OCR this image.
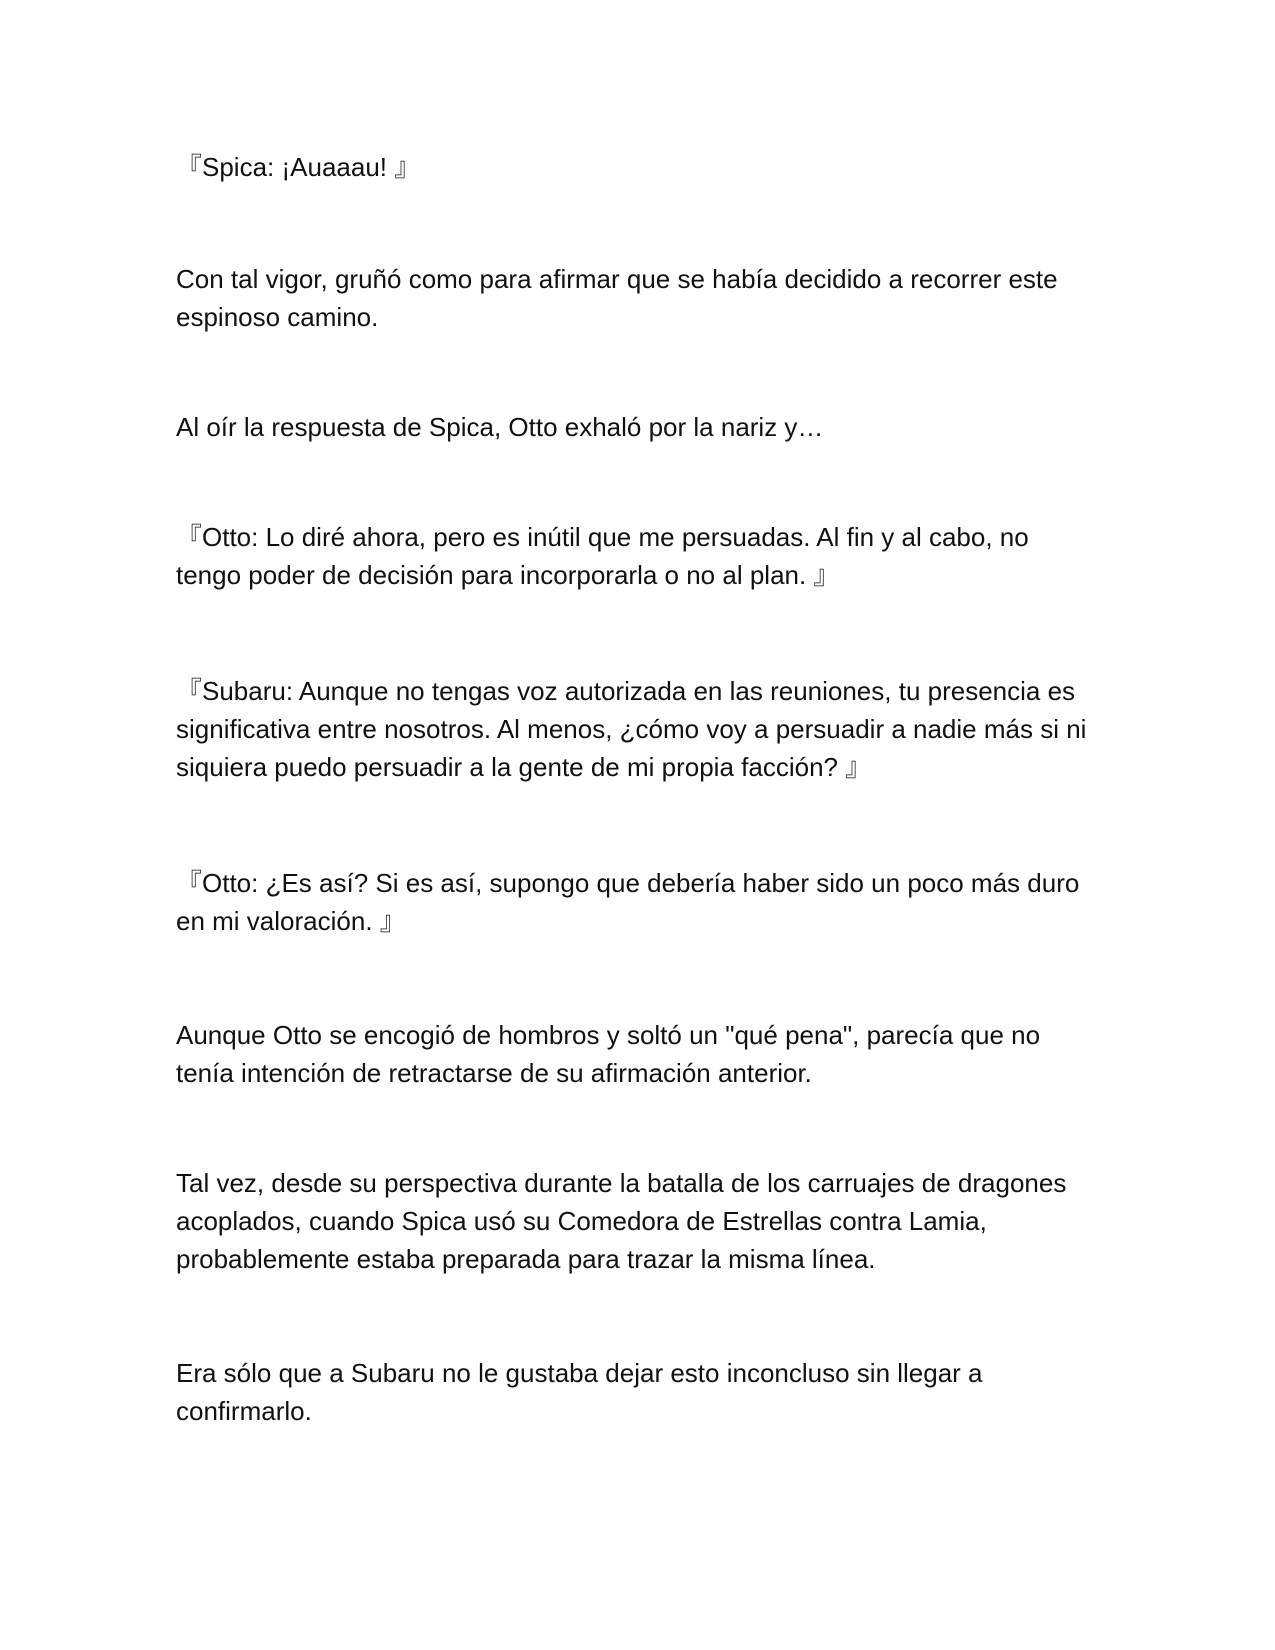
『Spica: ¡Auaaau! 』

Con tal vigor, gruñó como para afirmar que se había decidido a recorrer este espinoso camino.

Al oír la respuesta de Spica, Otto exhaló por la nariz y…

『Otto: Lo diré ahora, pero es inútil que me persuadas. Al fin y al cabo, no tengo poder de decisión para incorporarla o no al plan. 』

『Subaru: Aunque no tengas voz autorizada en las reuniones, tu presencia es significativa entre nosotros. Al menos, ¿cómo voy a persuadir a nadie más si ni siquiera puedo persuadir a la gente de mi propia facción? 』

『Otto: ¿Es así? Si es así, supongo que debería haber sido un poco más duro en mi valoración. 』

Aunque Otto se encogió de hombros y soltó un "qué pena", parecía que no tenía intención de retractarse de su afirmación anterior.

Tal vez, desde su perspectiva durante la batalla de los carruajes de dragones acoplados, cuando Spica usó su Comedora de Estrellas contra Lamia, probablemente estaba preparada para trazar la misma línea.

Era sólo que a Subaru no le gustaba dejar esto inconcluso sin llegar a confirmarlo.
